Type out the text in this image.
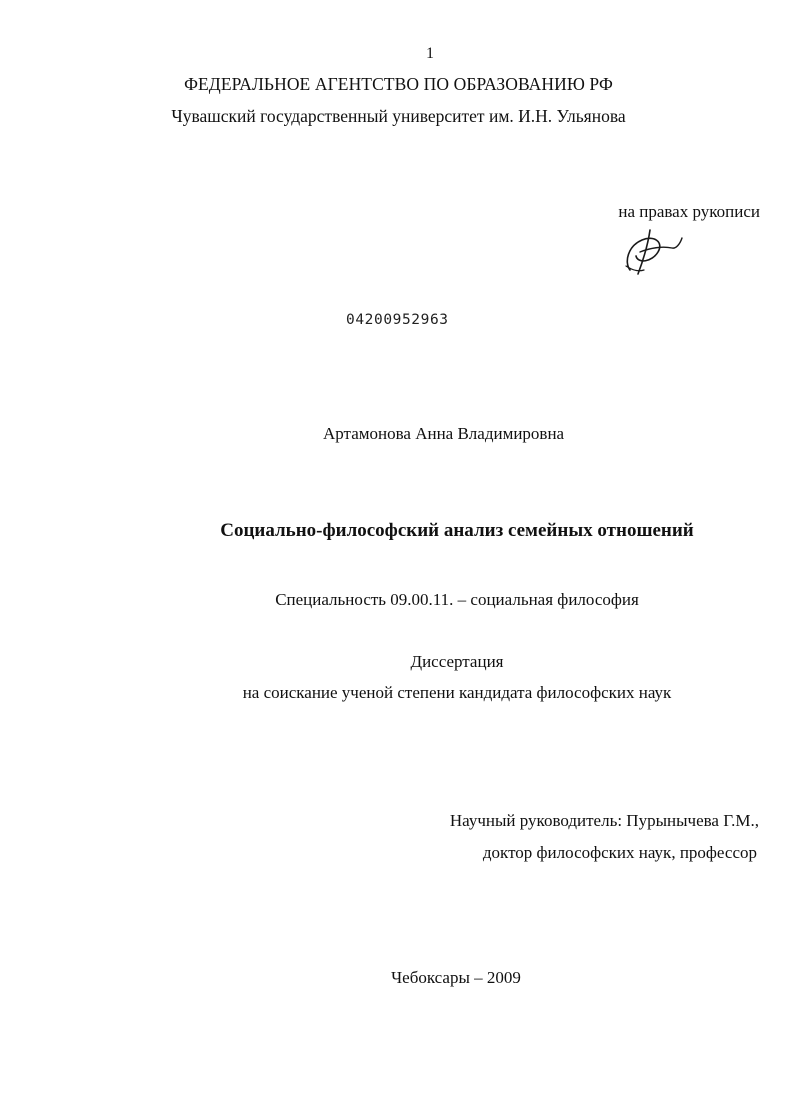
1
ФЕДЕРАЛЬНОЕ АГЕНТСТВО ПО ОБРАЗОВАНИЮ РФ
Чувашский государственный университет им. И.Н. Ульянова
на правах рукописи
04200952963
Артамонова Анна Владимировна
Социально-философский анализ семейных отношений
Специальность 09.00.11. – социальная философия
Диссертация
на соискание ученой степени кандидата философских наук
Научный руководитель: Пурынычева Г.М.,
доктор философских наук, профессор
Чебоксары – 2009
